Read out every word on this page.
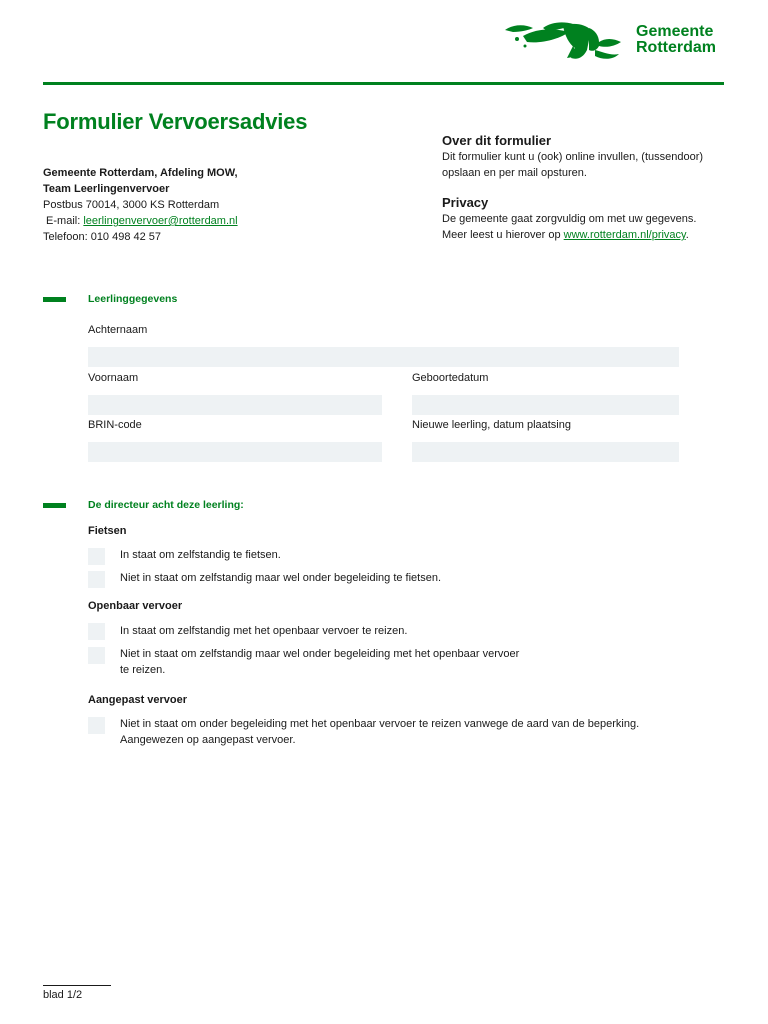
Gemeente
Rotterdam
Formulier Vervoersadvies
Gemeente Rotterdam, Afdeling MOW,
Team Leerlingenvervoer
Postbus 70014, 3000 KS Rotterdam
E-mail: leerlingenvervoer@rotterdam.nl
Telefoon: 010 498 42 57
Over dit formulier
Dit formulier kunt u (ook) online invullen, (tussendoor) opslaan en per mail opsturen.
Privacy
De gemeente gaat zorgvuldig om met uw gegevens.
Meer leest u hierover op www.rotterdam.nl/privacy.
Leerlinggegevens
Achternaam
Voornaam	Geboortedatum
BRIN-code	Nieuwe leerling, datum plaatsing
De directeur acht deze leerling:
Fietsen
In staat om zelfstandig te fietsen.
Niet in staat om zelfstandig maar wel onder begeleiding te fietsen.
Openbaar vervoer
In staat om zelfstandig met het openbaar vervoer te reizen.
Niet in staat om zelfstandig maar wel onder begeleiding met het openbaar vervoer
te reizen.
Aangepast vervoer
Niet in staat om onder begeleiding met het openbaar vervoer te reizen vanwege de aard van de beperking.
Aangewezen op aangepast vervoer.
blad 1/2
